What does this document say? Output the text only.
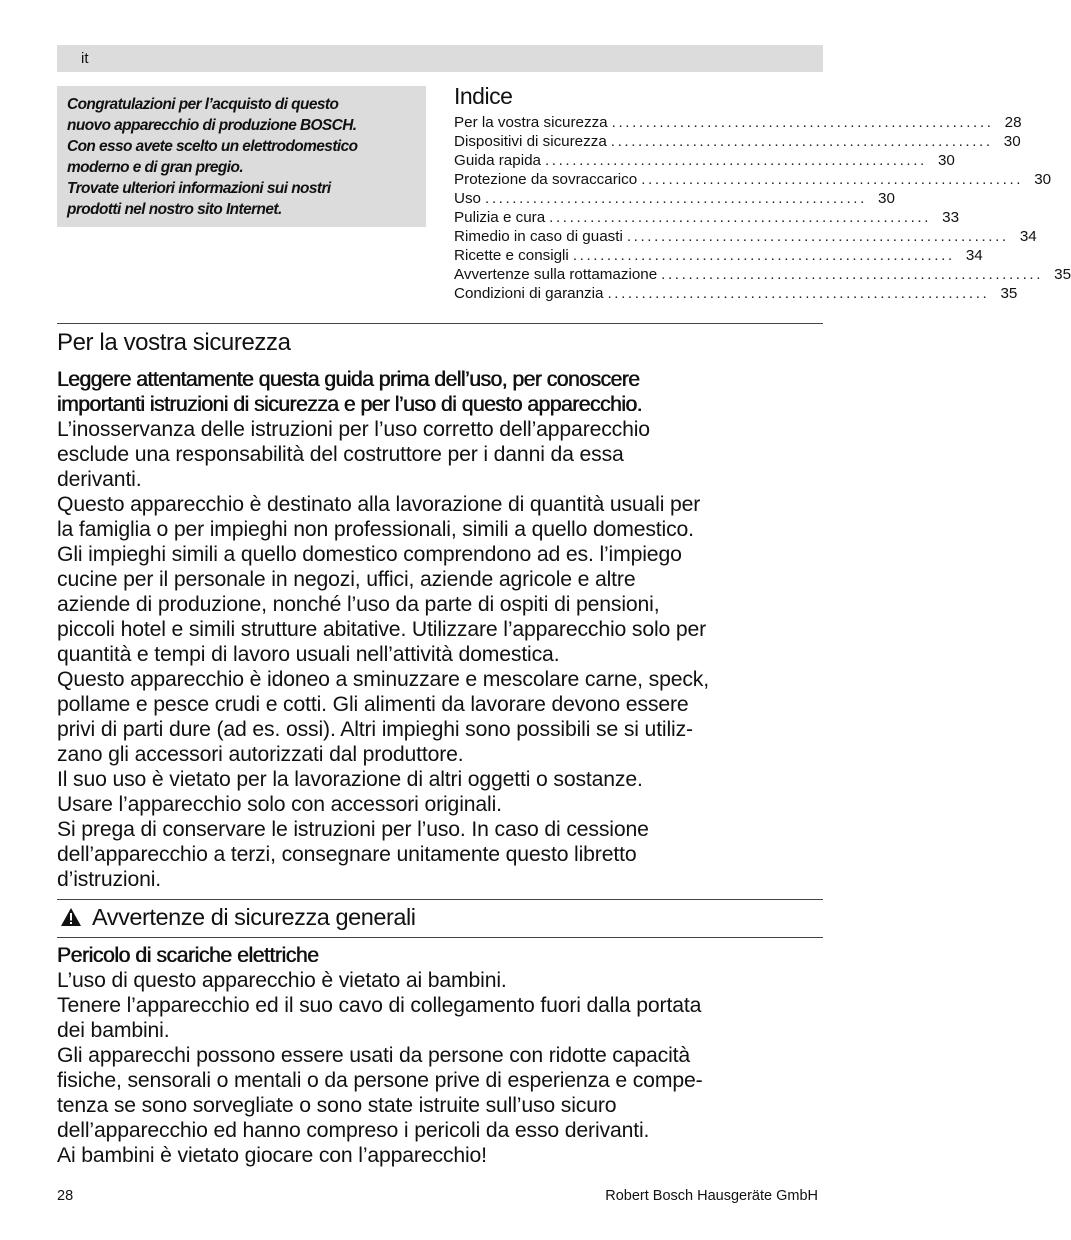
it

Congratulazioni per l’acquisto di questo

nuovo apparecchio di produzione BOSCH.

Con esso avete scelto un elettrodomestico

moderno e di gran pregio.

Trovate ulteriori informazioni sui nostri

prodotti nel nostro sito Internet.

Indice
Per la vostra sicurezza ........................................................ 28
Dispositivi di sicurezza ........................................................ 30
Guida rapida ........................................................ 30
Protezione da sovraccarico ........................................................ 30
Uso ........................................................ 30
Pulizia e cura ........................................................ 33
Rimedio in caso di guasti ........................................................ 34
Ricette e consigli ........................................................ 34
Avvertenze sulla rottamazione ........................................................ 35
Condizioni di garanzia ........................................................ 35
Per la vostra sicurezza

Leggere attentamente questa guida prima dell’uso, per conoscere

importanti istruzioni di sicurezza e per l’uso di questo apparecchio.

L’inosservanza delle istruzioni per l’uso corretto dell’apparecchio

esclude una responsabilità del costruttore per i danni da essa

derivanti.

Questo apparecchio è destinato alla lavorazione di quantità usuali per

la famiglia o per impieghi non professionali, simili a quello domestico.

Gli impieghi simili a quello domestico comprendono ad es. l’impiego

cucine per il personale in negozi, uffici, aziende agricole e altre

aziende di produzione, nonché l’uso da parte di ospiti di pensioni,

piccoli hotel e simili strutture abitative. Utilizzare l’apparecchio solo per

quantità e tempi di lavoro usuali nell’attività domestica.

Questo apparecchio è idoneo a sminuzzare e mescolare carne, speck,

pollame e pesce crudi e cotti. Gli alimenti da lavorare devono essere

privi di parti dure (ad es. ossi). Altri impieghi sono possibili se si utiliz-

zano gli accessori autorizzati dal produttore.

Il suo uso è vietato per la lavorazione di altri oggetti o sostanze.

Usare l’apparecchio solo con accessori originali.

Si prega di conservare le istruzioni per l’uso. In caso di cessione

dell’apparecchio a terzi, consegnare unitamente questo libretto

d’istruzioni.

Avvertenze di sicurezza generali

Pericolo di scariche elettriche

L’uso di questo apparecchio è vietato ai bambini.

Tenere l’apparecchio ed il suo cavo di collegamento fuori dalla portata

dei bambini.

Gli apparecchi possono essere usati da persone con ridotte capacità

fisiche, sensorali o mentali o da persone prive di esperienza e compe-

tenza se sono sorvegliate o sono state istruite sull’uso sicuro

dell’apparecchio ed hanno compreso i pericoli da esso derivanti.

Ai bambini è vietato giocare con l’apparecchio!

28	Robert Bosch Hausgeräte GmbH
